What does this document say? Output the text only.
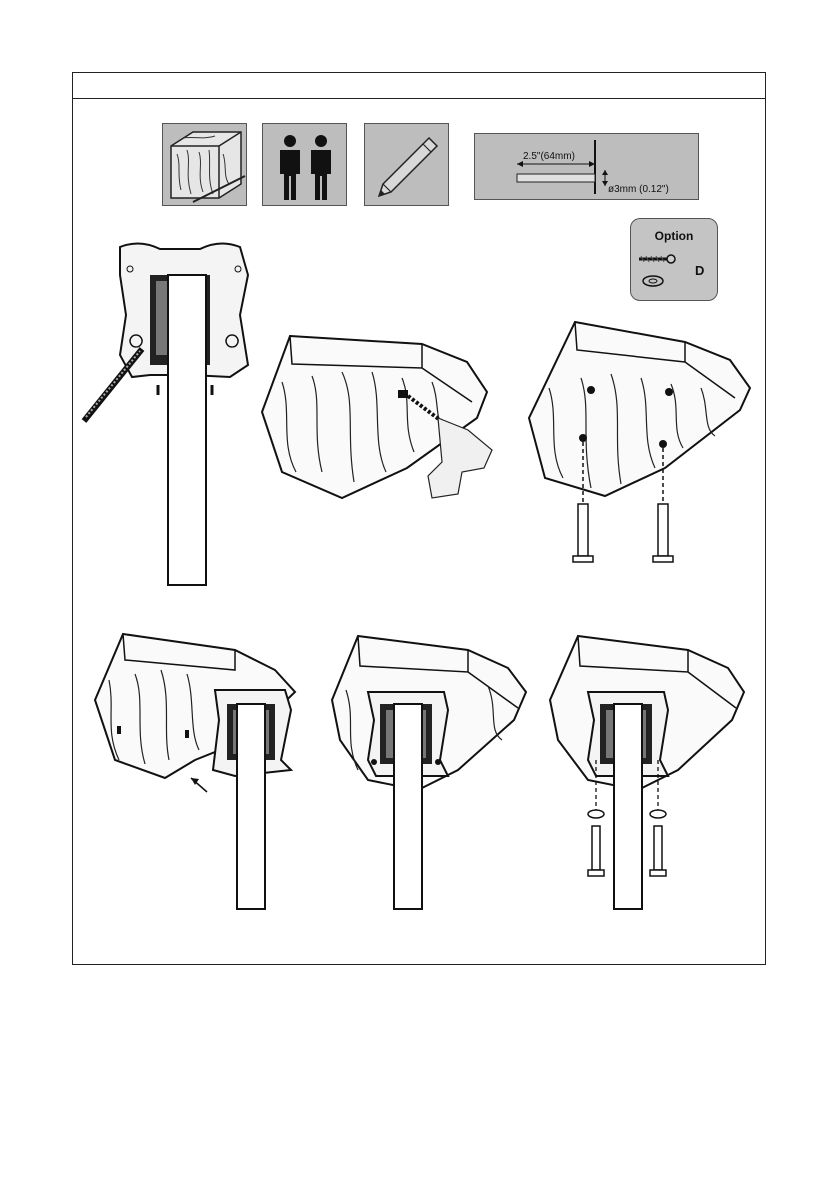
2.5"(64mm)
ø3mm (0.12")
Option
D
